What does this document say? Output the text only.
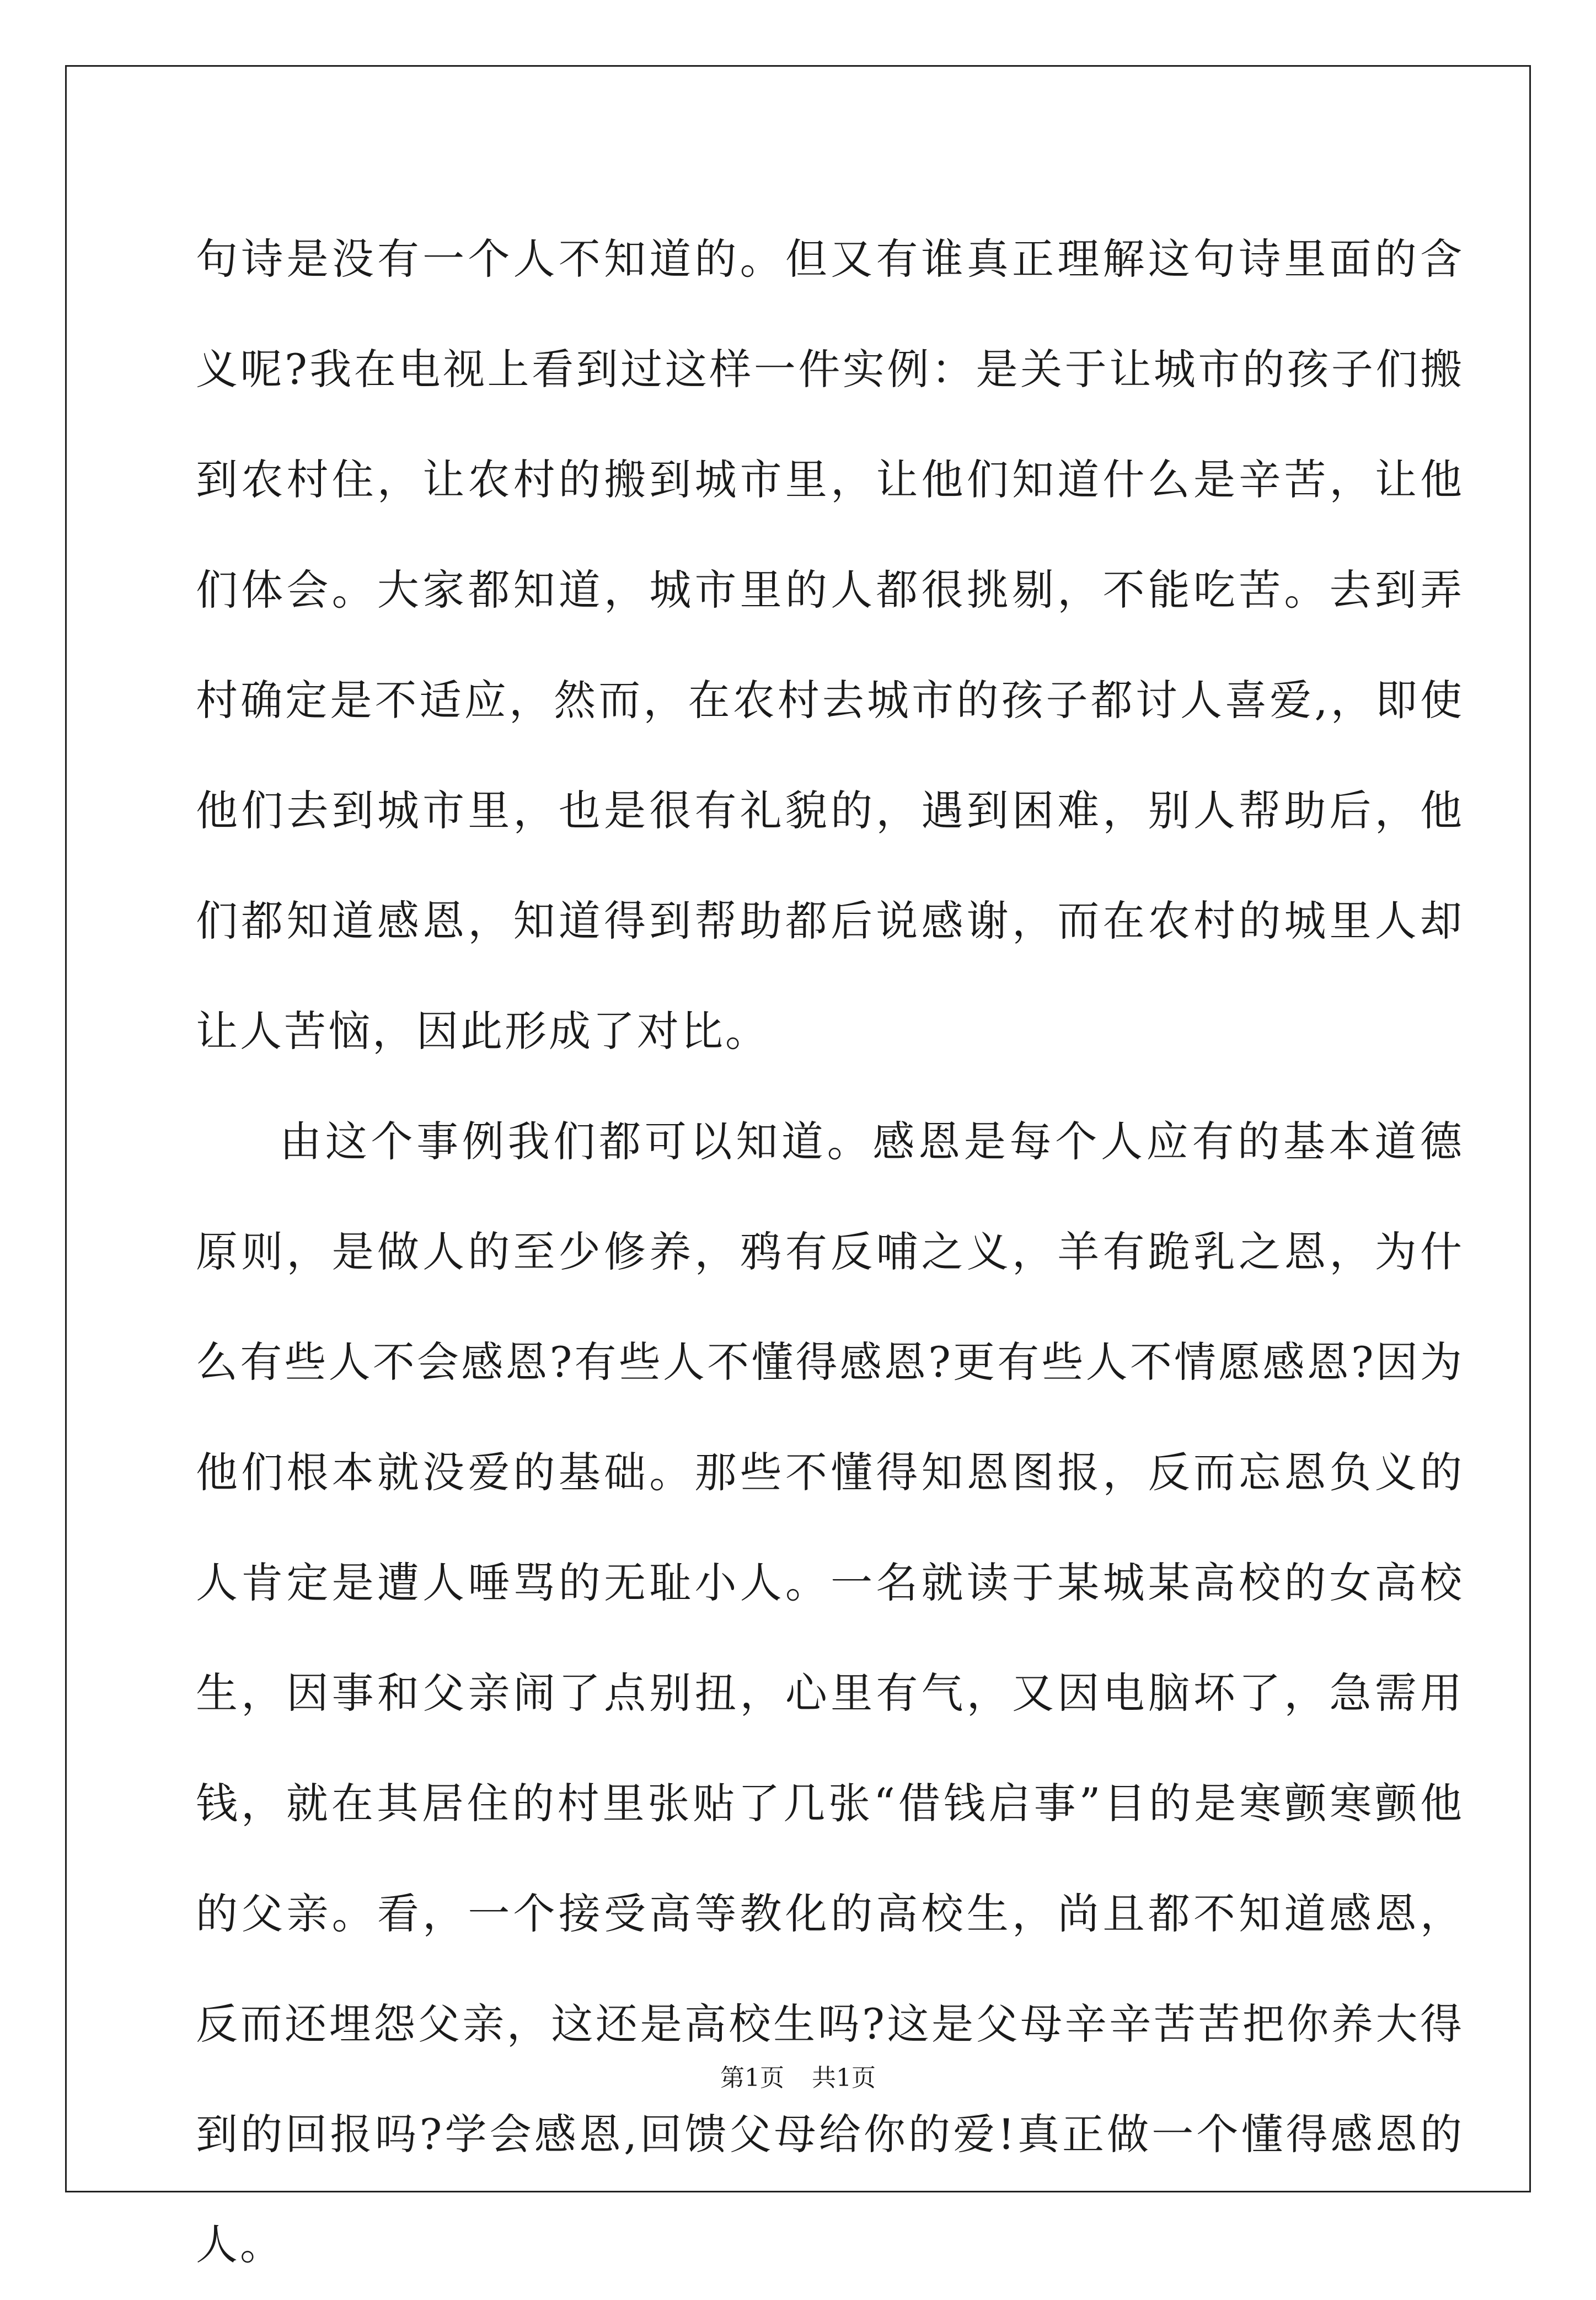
句诗是没有一个人不知道的。但又有谁真正理解这句诗里面的含义呢?我在电视上看到过这样一件实例：是关于让城市的孩子们搬到农村住，让农村的搬到城市里，让他们知道什么是辛苦，让他们体会。大家都知道，城市里的人都很挑剔，不能吃苦。去到弄村确定是不适应，然而，在农村去城市的孩子都讨人喜爱,，即使他们去到城市里，也是很有礼貌的，遇到困难，别人帮助后，他们都知道感恩，知道得到帮助都后说感谢，而在农村的城里人却让人苦恼，因此形成了对比。

由这个事例我们都可以知道。感恩是每个人应有的基本道德原则，是做人的至少修养，鸦有反哺之义，羊有跪乳之恩，为什么有些人不会感恩?有些人不懂得感恩?更有些人不情愿感恩?因为他们根本就没爱的基础。那些不懂得知恩图报，反而忘恩负义的人肯定是遭人唾骂的无耻小人。一名就读于某城某高校的女高校生，因事和父亲闹了点别扭，心里有气，又因电脑坏了，急需用钱，就在其居住的村里张贴了几张“借钱启事”目的是寒颤寒颤他的父亲。看，一个接受高等教化的高校生，尚且都不知道感恩，反而还埋怨父亲，这还是高校生吗?这是父母辛辛苦苦把你养大得到的回报吗?学会感恩,回馈父母给你的爱!真正做一个懂得感恩的人。

第1页 共1页
